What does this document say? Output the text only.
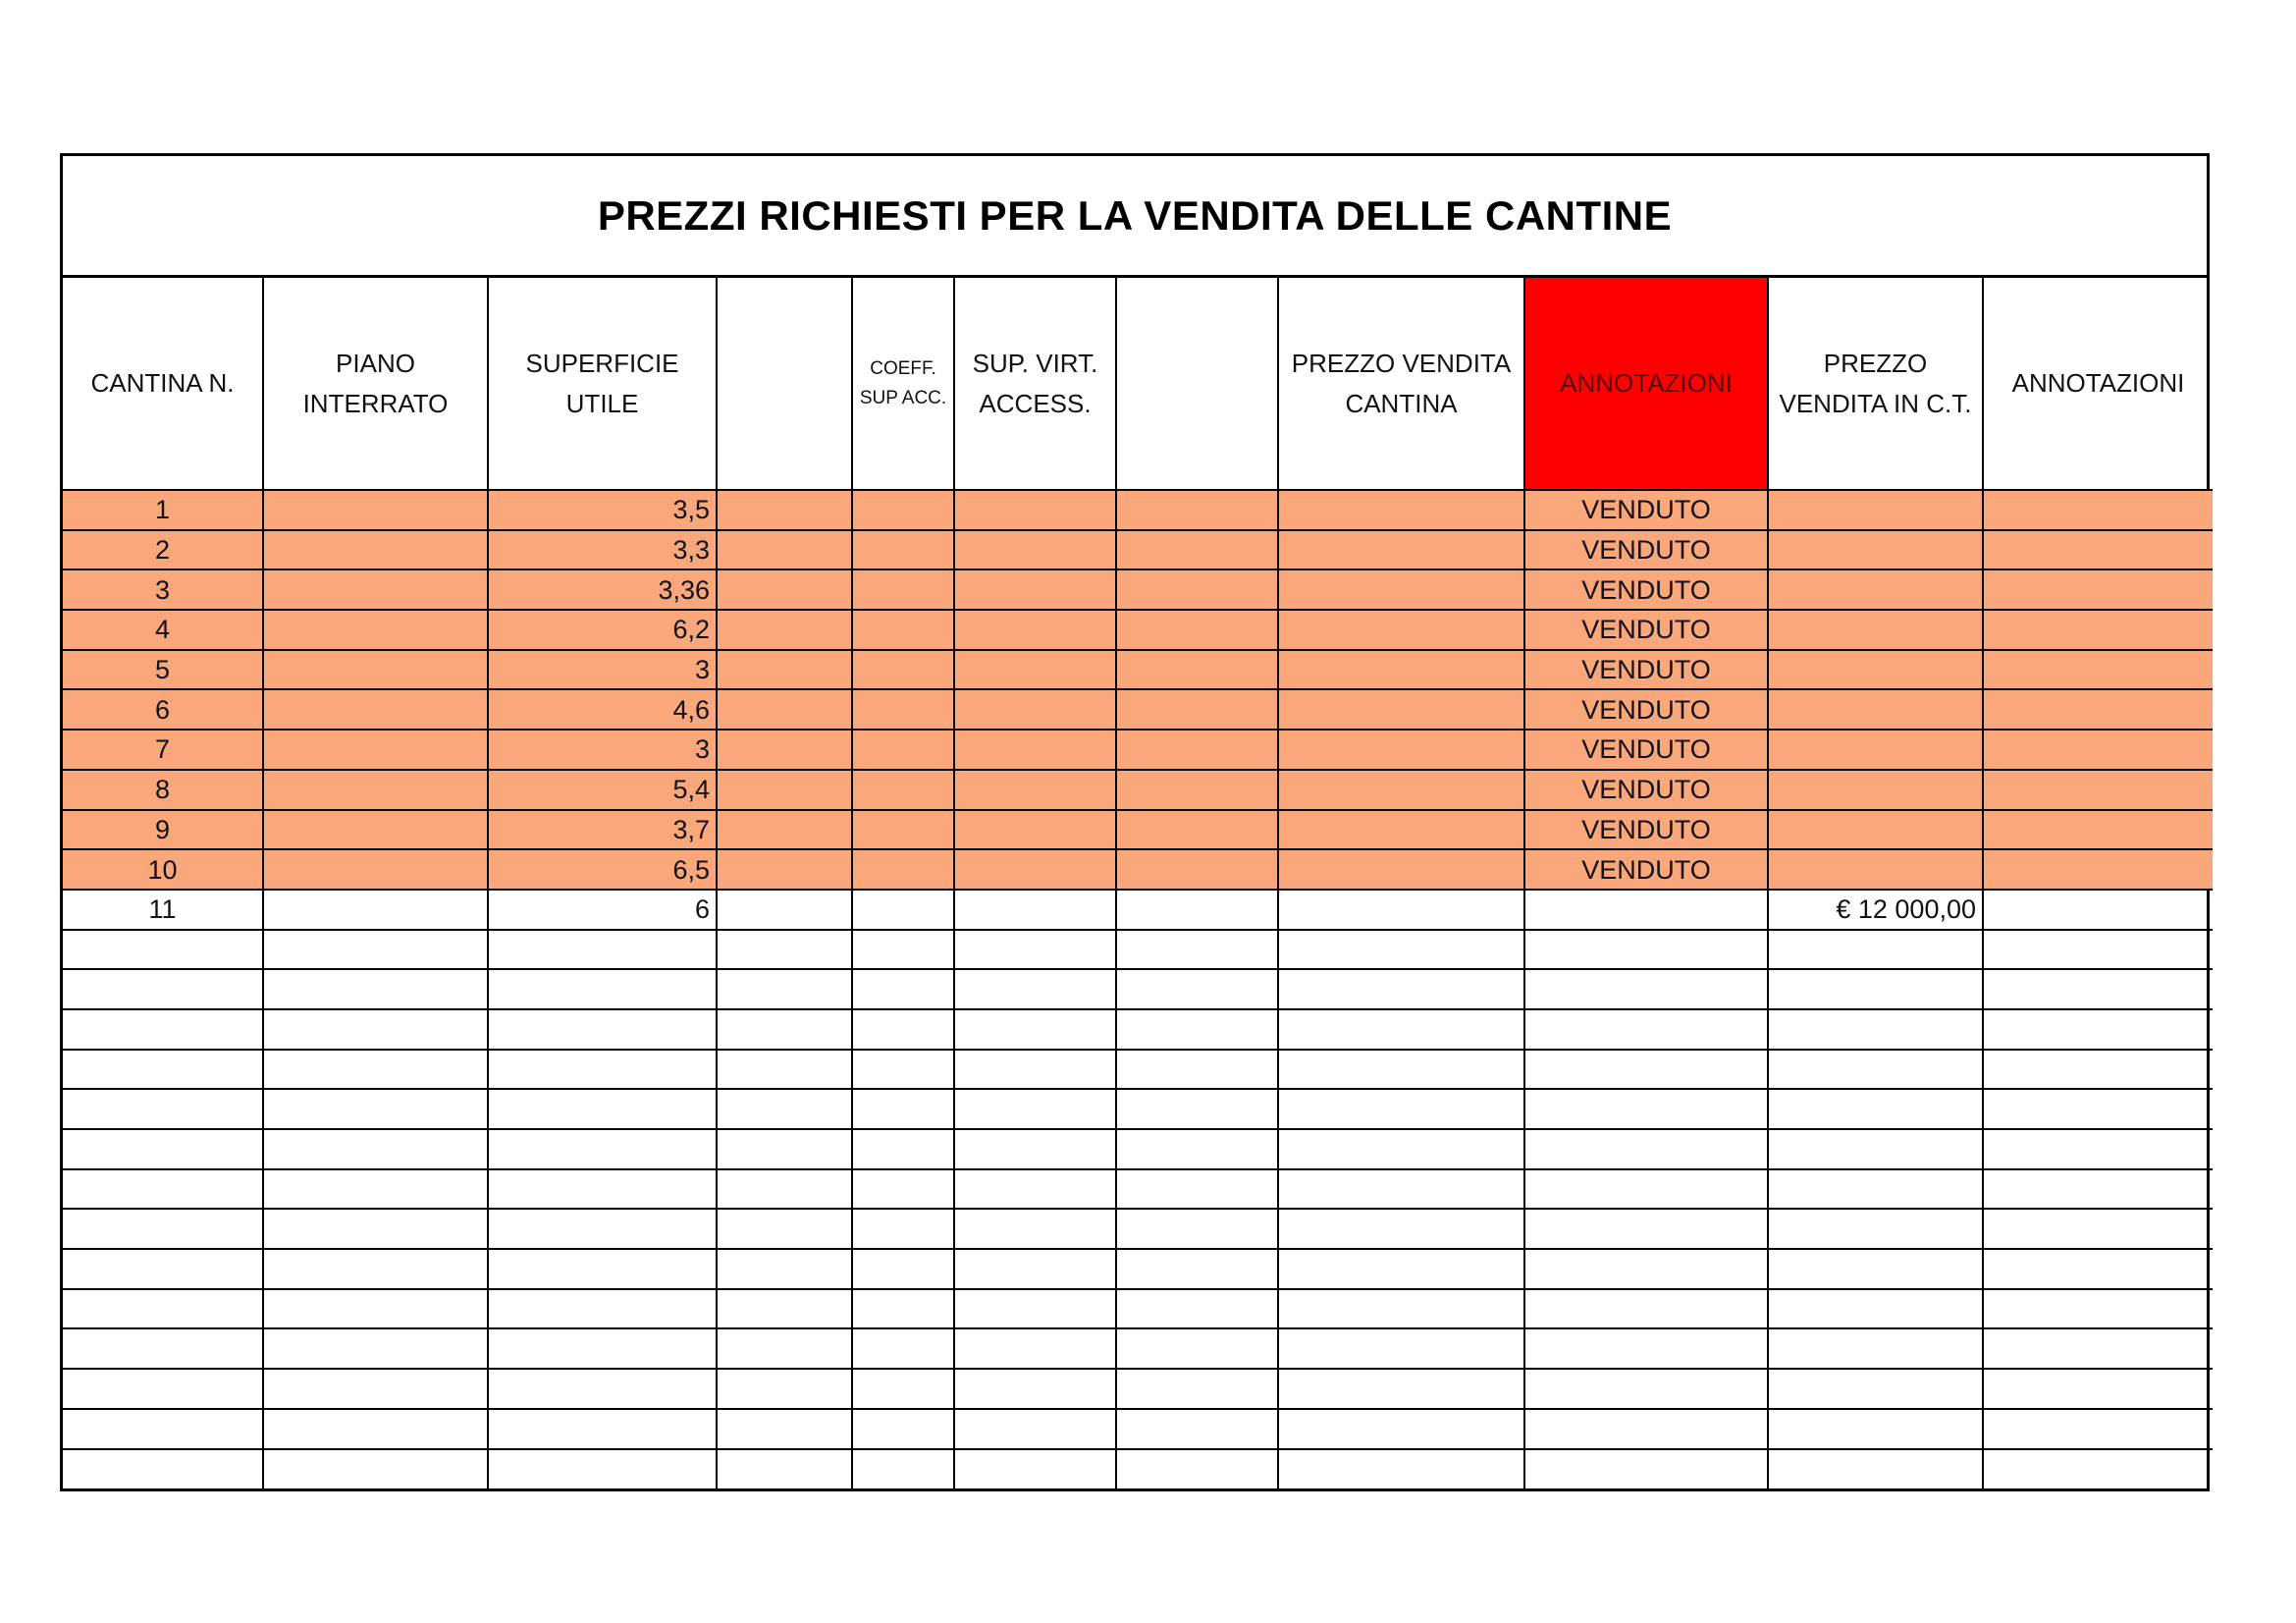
PREZZI RICHIESTI PER LA VENDITA DELLE CANTINE
CANTINA N.	PIANO INTERRATO	SUPERFICIE UTILE		COEFF. SUP ACC.	SUP. VIRT. ACCESS.		PREZZO VENDITA CANTINA	ANNOTAZIONI	PREZZO VENDITA IN C.T.	ANNOTAZIONI
1		3,5						VENDUTO		
2		3,3						VENDUTO		
3		3,36						VENDUTO		
4		6,2						VENDUTO		
5		3						VENDUTO		
6		4,6						VENDUTO		
7		3						VENDUTO		
8		5,4						VENDUTO		
9		3,7						VENDUTO		
10		6,5						VENDUTO		
11		6							€ 12 000,00	
